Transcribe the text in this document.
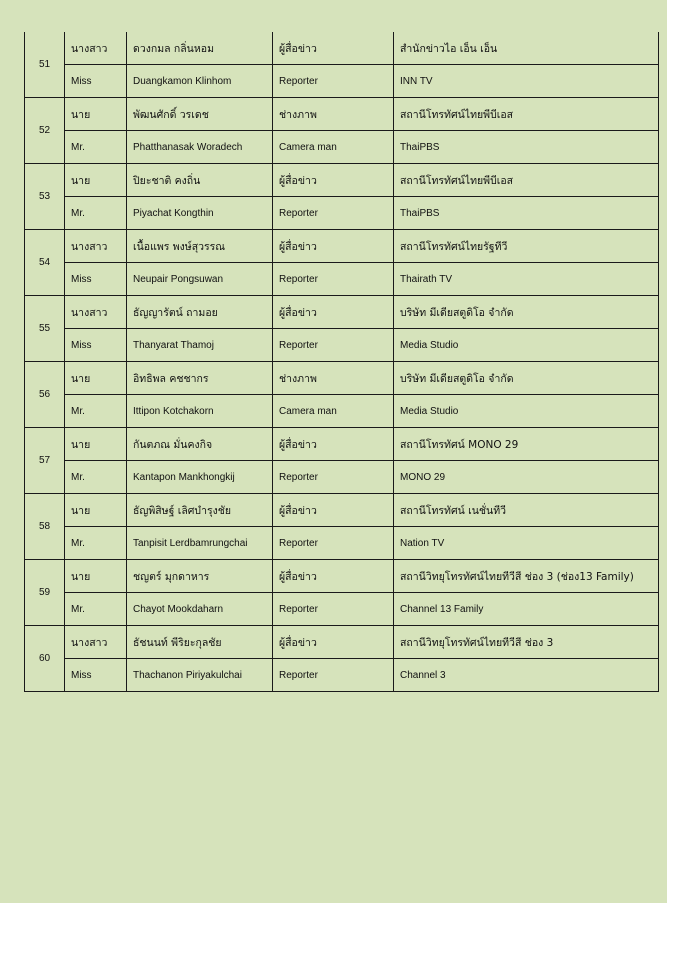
51	นางสาว	ดวงกมล กลิ่นหอม	ผู้สื่อข่าว	สำนักข่าวไอ เอ็น เอ็น
	Miss	Duangkamon Klinhom	Reporter	INN TV
52	นาย	พัฒนศักดิ์ วรเดช	ช่างภาพ	สถานีโทรทัศน์ไทยพีบีเอส
	Mr.	Phatthanasak Woradech	Camera man	ThaiPBS
53	นาย	ปิยะชาติ คงถิ่น	ผู้สื่อข่าว	สถานีโทรทัศน์ไทยพีบีเอส
	Mr.	Piyachat Kongthin	Reporter	ThaiPBS
54	นางสาว	เนื้อแพร พงษ์สุวรรณ	ผู้สื่อข่าว	สถานีโทรทัศน์ไทยรัฐทีวี
	Miss	Neupair Pongsuwan	Reporter	Thairath TV
55	นางสาว	ธัญญารัตน์ ถามอย	ผู้สื่อข่าว	บริษัท มีเดียสตูดิโอ จำกัด
	Miss	Thanyarat Thamoj	Reporter	Media Studio
56	นาย	อิทธิพล คชชากร	ช่างภาพ	บริษัท มีเดียสตูดิโอ จำกัด
	Mr.	Ittipon Kotchakorn	Camera man	Media Studio
57	นาย	กันตภณ มั่นคงกิจ	ผู้สื่อข่าว	สถานีโทรทัศน์ MONO 29
	Mr.	Kantapon Mankhongkij	Reporter	MONO 29
58	นาย	ธัญพิสิษฐ์ เลิศบำรุงชัย	ผู้สื่อข่าว	สถานีโทรทัศน์ เนชั่นทีวี
	Mr.	Tanpisit Lerdbamrungchai	Reporter	Nation TV
59	นาย	ชญตร์ มุกดาหาร	ผู้สื่อข่าว	สถานีวิทยุโทรทัศน์ไทยทีวีสี ช่อง 3 (ช่อง13 Family)
	Mr.	Chayot Mookdaharn	Reporter	Channel 13 Family
60	นางสาว	ธัชนนท์ พีริยะกุลชัย	ผู้สื่อข่าว	สถานีวิทยุโทรทัศน์ไทยทีวีสี ช่อง 3
	Miss	Thachanon Piriyakulchai	Reporter	Channel 3
